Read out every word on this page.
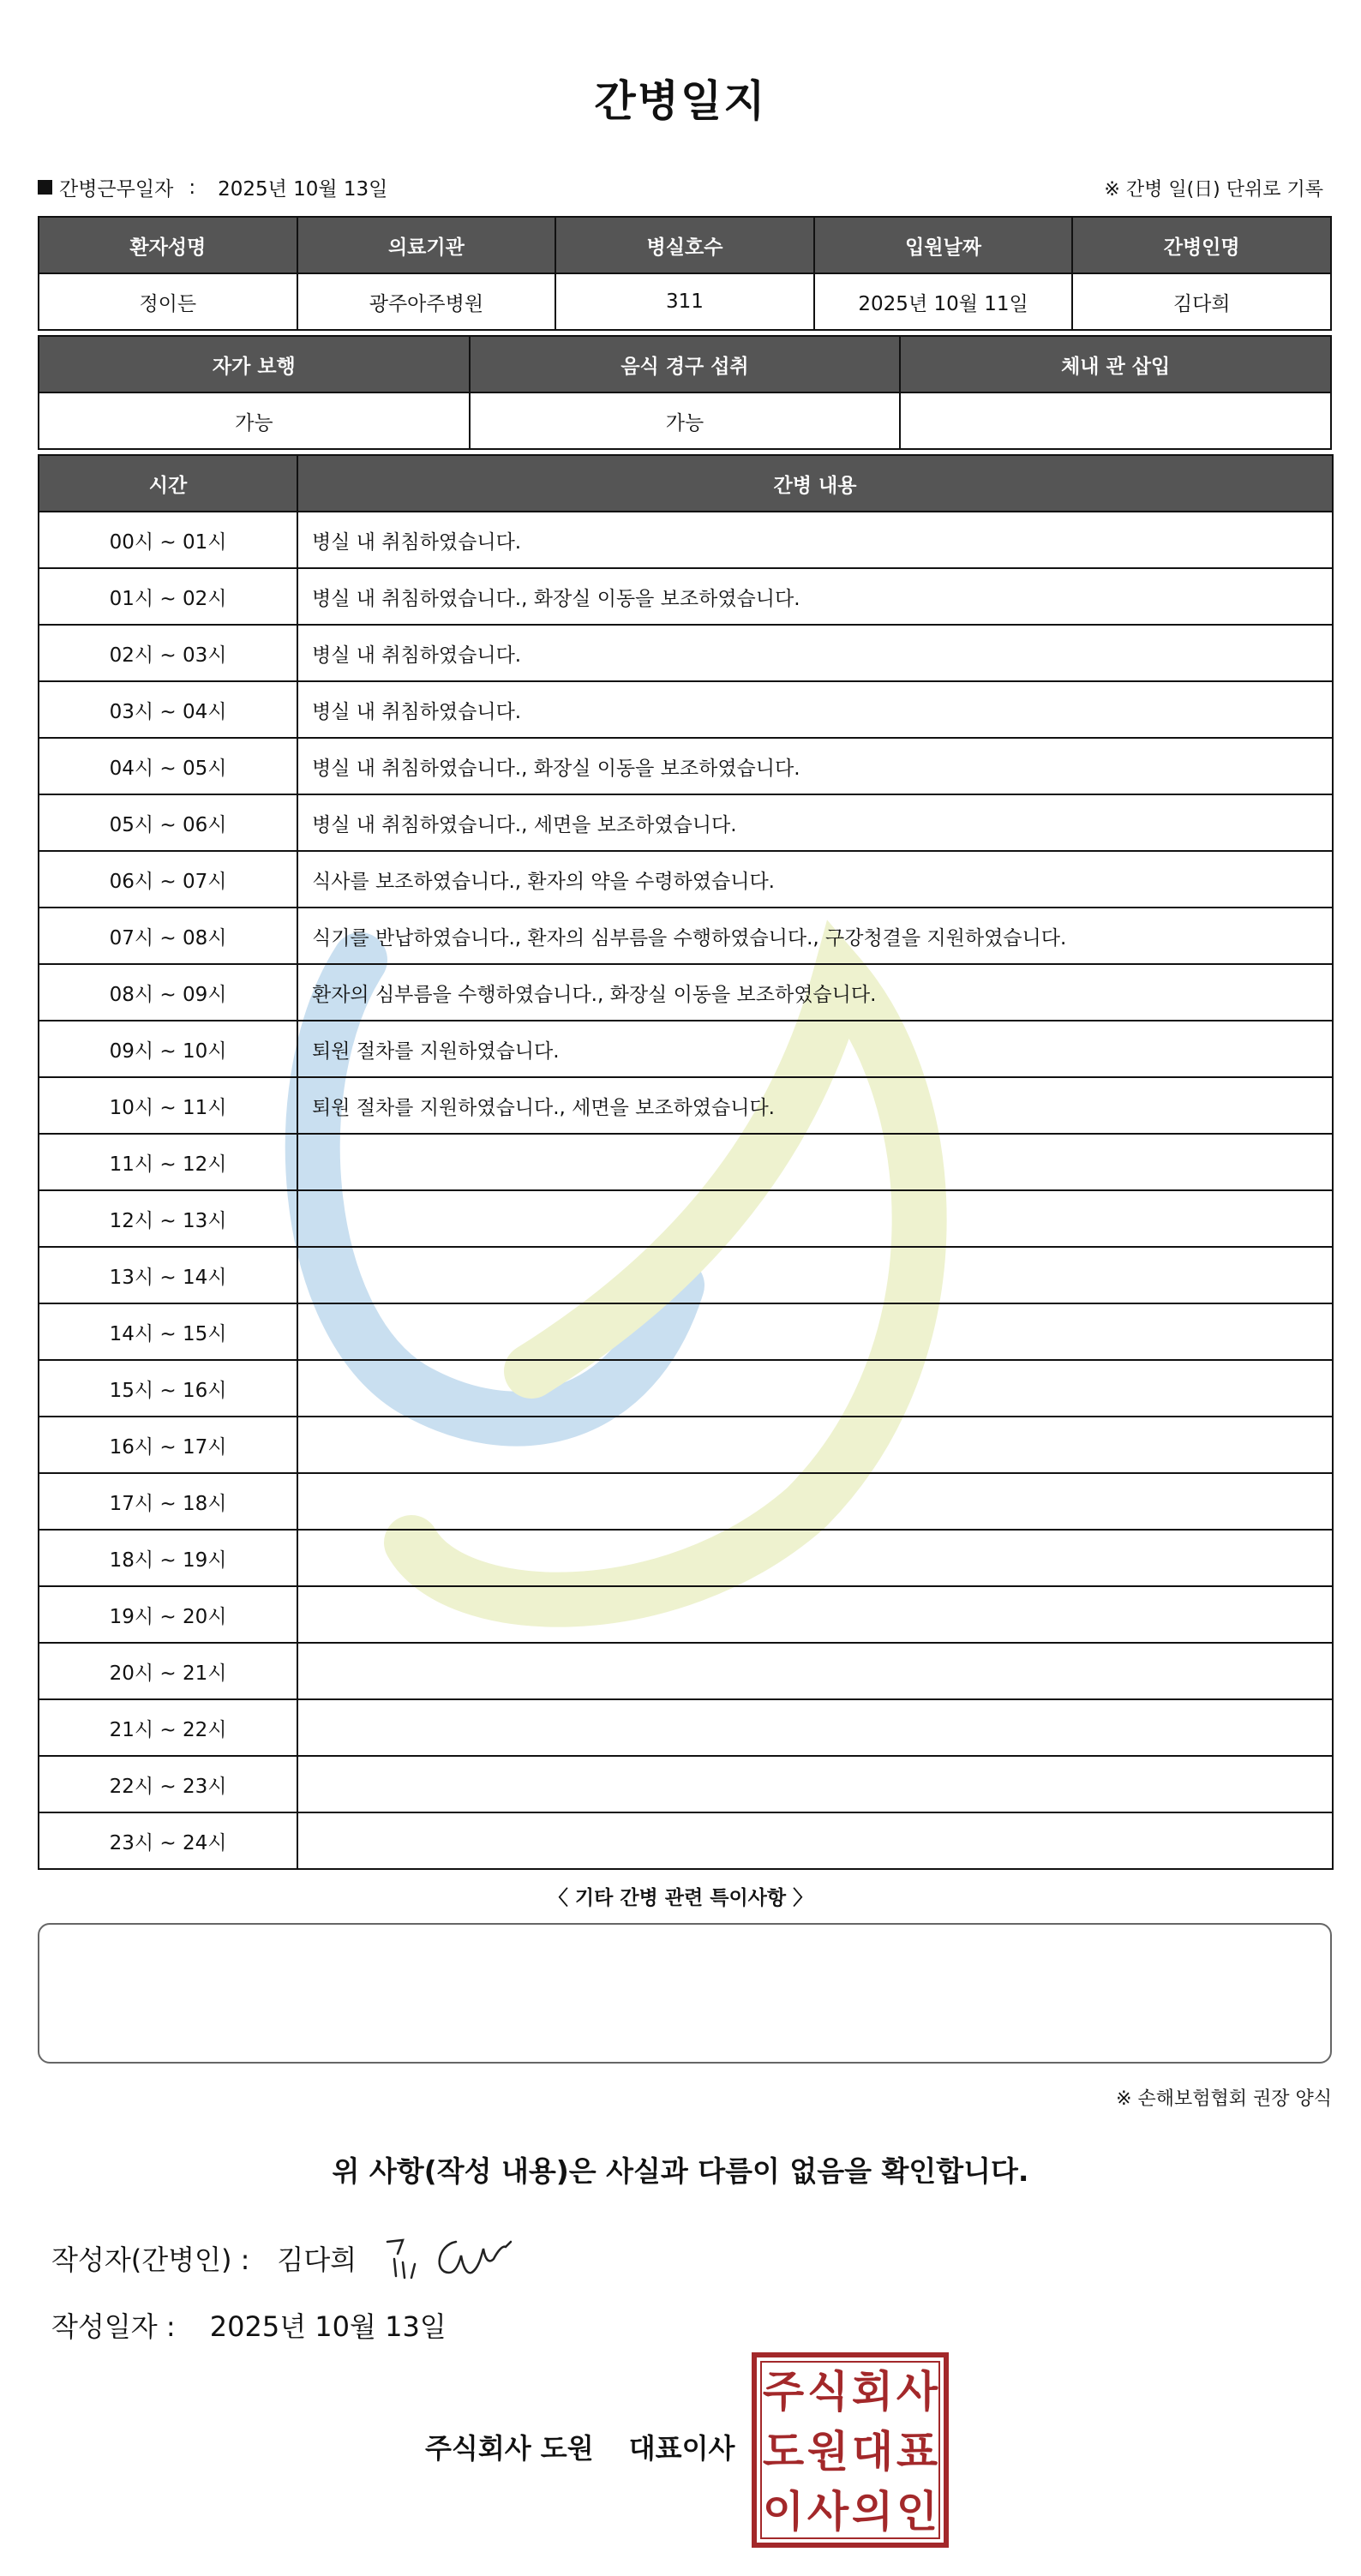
간병일지
간병근무일자 : 2025년 10월 13일	※ 간병 일(日) 단위로 기록
환자성명	의료기관	병실호수	입원날짜	간병인명
정이든	광주아주병원	311	2025년 10월 11일	김다희
자가 보행	음식 경구 섭취	체내 관 삽입
가능	가능	
시간	간병 내용
00시 ~ 01시	병실 내 취침하였습니다.
01시 ~ 02시	병실 내 취침하였습니다., 화장실 이동을 보조하였습니다.
02시 ~ 03시	병실 내 취침하였습니다.
03시 ~ 04시	병실 내 취침하였습니다.
04시 ~ 05시	병실 내 취침하였습니다., 화장실 이동을 보조하였습니다.
05시 ~ 06시	병실 내 취침하였습니다., 세면을 보조하였습니다.
06시 ~ 07시	식사를 보조하였습니다., 환자의 약을 수령하였습니다.
07시 ~ 08시	식기를 반납하였습니다., 환자의 심부름을 수행하였습니다., 구강청결을 지원하였습니다.
08시 ~ 09시	환자의 심부름을 수행하였습니다., 화장실 이동을 보조하였습니다.
09시 ~ 10시	퇴원 절차를 지원하였습니다.
10시 ~ 11시	퇴원 절차를 지원하였습니다., 세면을 보조하였습니다.
11시 ~ 12시	
12시 ~ 13시	
13시 ~ 14시	
14시 ~ 15시	
15시 ~ 16시	
16시 ~ 17시	
17시 ~ 18시	
18시 ~ 19시	
19시 ~ 20시	
20시 ~ 21시	
21시 ~ 22시	
22시 ~ 23시	
23시 ~ 24시	
〈 기타 간병 관련 특이사항 〉
※ 손해보험협회 권장 양식
위 사항(작성 내용)은 사실과 다름이 없음을 확인합니다.
작성자(간병인) : 김다희
작성일자 : 2025년 10월 13일
주식회사 도원 대표이사
주 식 회 사
도 원 대 표
이 사 의 인
